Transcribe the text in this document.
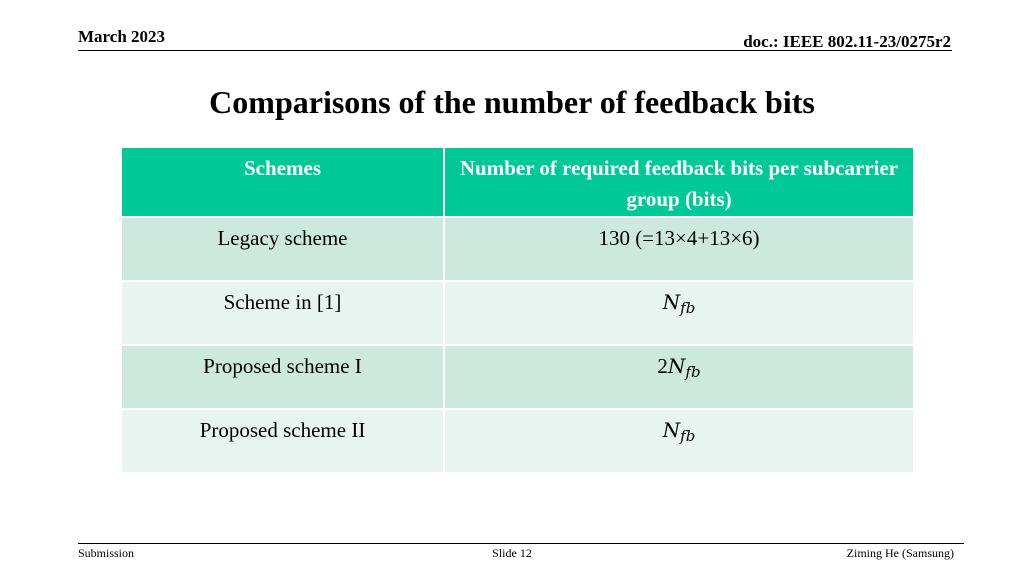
March 2023	doc.: IEEE 802.11-23/0275r2
Comparisons of the number of feedback bits
Schemes	Number of required feedback bits per subcarrier group (bits)
Legacy scheme	130 (=13×4+13×6)
Scheme in [1]	$N_{fb}$
Proposed scheme I	$2N_{fb}$
Proposed scheme II	$N_{fb}$
Submission	Slide 12	Ziming He (Samsung)
